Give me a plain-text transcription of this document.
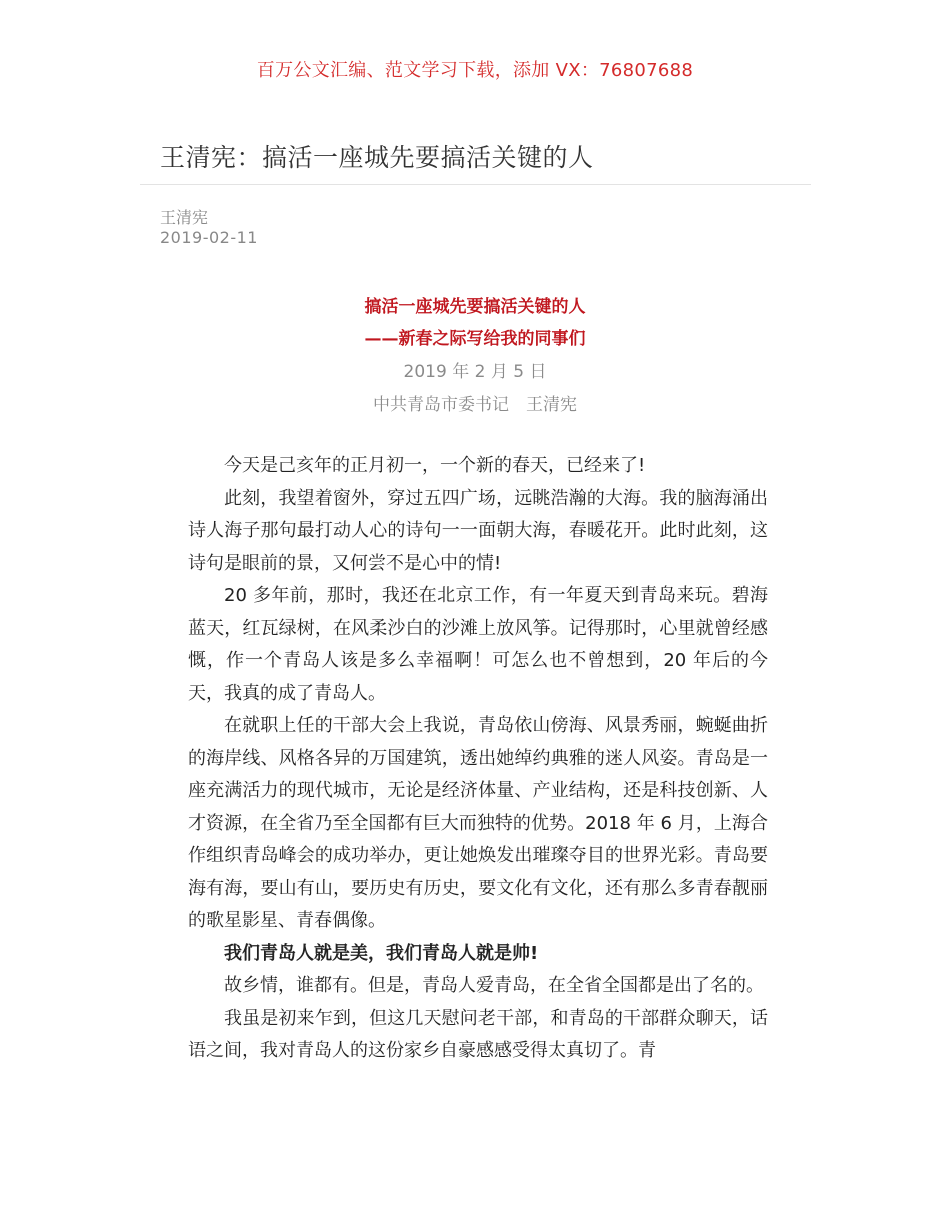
百万公文汇编、范文学习下载，添加 VX：76807688
王清宪：搞活一座城先要搞活关键的人
王清宪
2019-02-11
搞活一座城先要搞活关键的人
——新春之际写给我的同事们
2019 年 2 月 5 日
中共青岛市委书记　王清宪

今天是己亥年的正月初一，一个新的春天，已经来了!

此刻，我望着窗外，穿过五四广场，远眺浩瀚的大海。我的脑海涌出诗人海子那句最打动人心的诗句一一面朝大海，春暖花开。此时此刻，这诗句是眼前的景，又何尝不是心中的情!

20 多年前，那时，我还在北京工作，有一年夏天到青岛来玩。碧海蓝天，红瓦绿树，在风柔沙白的沙滩上放风筝。记得那时，心里就曾经感慨，作一个青岛人该是多么幸福啊！可怎么也不曾想到，20 年后的今天，我真的成了青岛人。

在就职上任的干部大会上我说，青岛依山傍海、风景秀丽，蜿蜒曲折的海岸线、风格各异的万国建筑，透出她绰约典雅的迷人风姿。青岛是一座充满活力的现代城市，无论是经济体量、产业结构，还是科技创新、人才资源，在全省乃至全国都有巨大而独特的优势。2018 年 6 月，上海合作组织青岛峰会的成功举办，更让她焕发出璀璨夺目的世界光彩。青岛要海有海，要山有山，要历史有历史，要文化有文化，还有那么多青春靓丽的歌星影星、青春偶像。

我们青岛人就是美，我们青岛人就是帅!

故乡情，谁都有。但是，青岛人爱青岛，在全省全国都是出了名的。

我虽是初来乍到，但这几天慰问老干部，和青岛的干部群众聊天，话语之间，我对青岛人的这份家乡自豪感感受得太真切了。青
